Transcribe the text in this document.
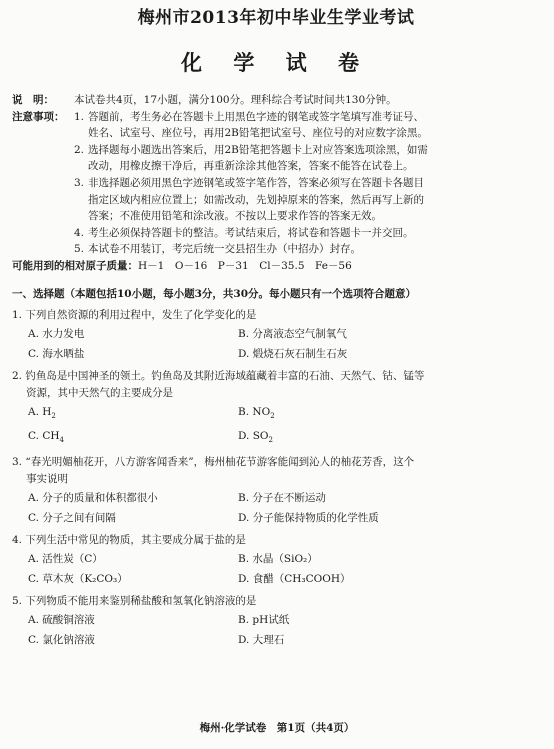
梅州市2013年初中毕业生学业考试
化 学 试 卷
说　明：	本试卷共4页，17小题，满分100分。理科综合考试时间共130分钟。
注意事项： 1. 答题前，考生务必在答题卡上用黑色字迹的钢笔或签字笔填写准考证号、
姓名、试室号、座位号，再用2B铅笔把试室号、座位号的对应数字涂黑。
2. 选择题每小题选出答案后，用2B铅笔把答题卡上对应答案选项涂黑，如需
改动，用橡皮擦干净后，再重新涂涂其他答案，答案不能答在试卷上。
3. 非选择题必须用黑色字迹钢笔或签字笔作答，答案必须写在答题卡各题目
指定区域内相应位置上；如需改动，先划掉原来的答案，然后再写上新的
答案；不准使用铅笔和涂改液。不按以上要求作答的答案无效。
4. 考生必须保持答题卡的整洁。考试结束后，将试卷和答题卡一并交回。
5. 本试卷不用装订，考完后统一交县招生办（中招办）封存。
可能用到的相对原子质量：H－1　O－16　P－31　Cl－35.5　Fe－56
一、选择题（本题包括10小题，每小题3分，共30分。每小题只有一个选项符合题意）
1. 下列自然资源的利用过程中，发生了化学变化的是
A. 水力发电	B. 分离液态空气制氧气
C. 海水晒盐	D. 煅烧石灰石制生石灰
2. 钓鱼岛是中国神圣的领土。钓鱼岛及其附近海域蕴藏着丰富的石油、天然气、钴、锰等
资源，其中天然气的主要成分是
A. $H_2$	B. $NO_2$
C. $CH_4$	D. $SO_2$
3. “春光明媚柚花开，八方游客闻香来”，梅州柚花节游客能闻到沁人的柚花芳香，这个
事实说明
A. 分子的质量和体积都很小	B. 分子在不断运动
C. 分子之间有间隔	D. 分子能保持物质的化学性质
4. 下列生活中常见的物质，其主要成分属于盐的是
A. 活性炭（C）	B. 水晶（SiO₂）
C. 草木灰（K₂CO₃）	D. 食醋（CH₃COOH）
5. 下列物质不能用来鉴别稀盐酸和氢氧化钠溶液的是
A. 硫酸铜溶液	B. pH试纸
C. 氯化钠溶液	D. 大理石
梅州·化学试卷　第1页（共4页）
